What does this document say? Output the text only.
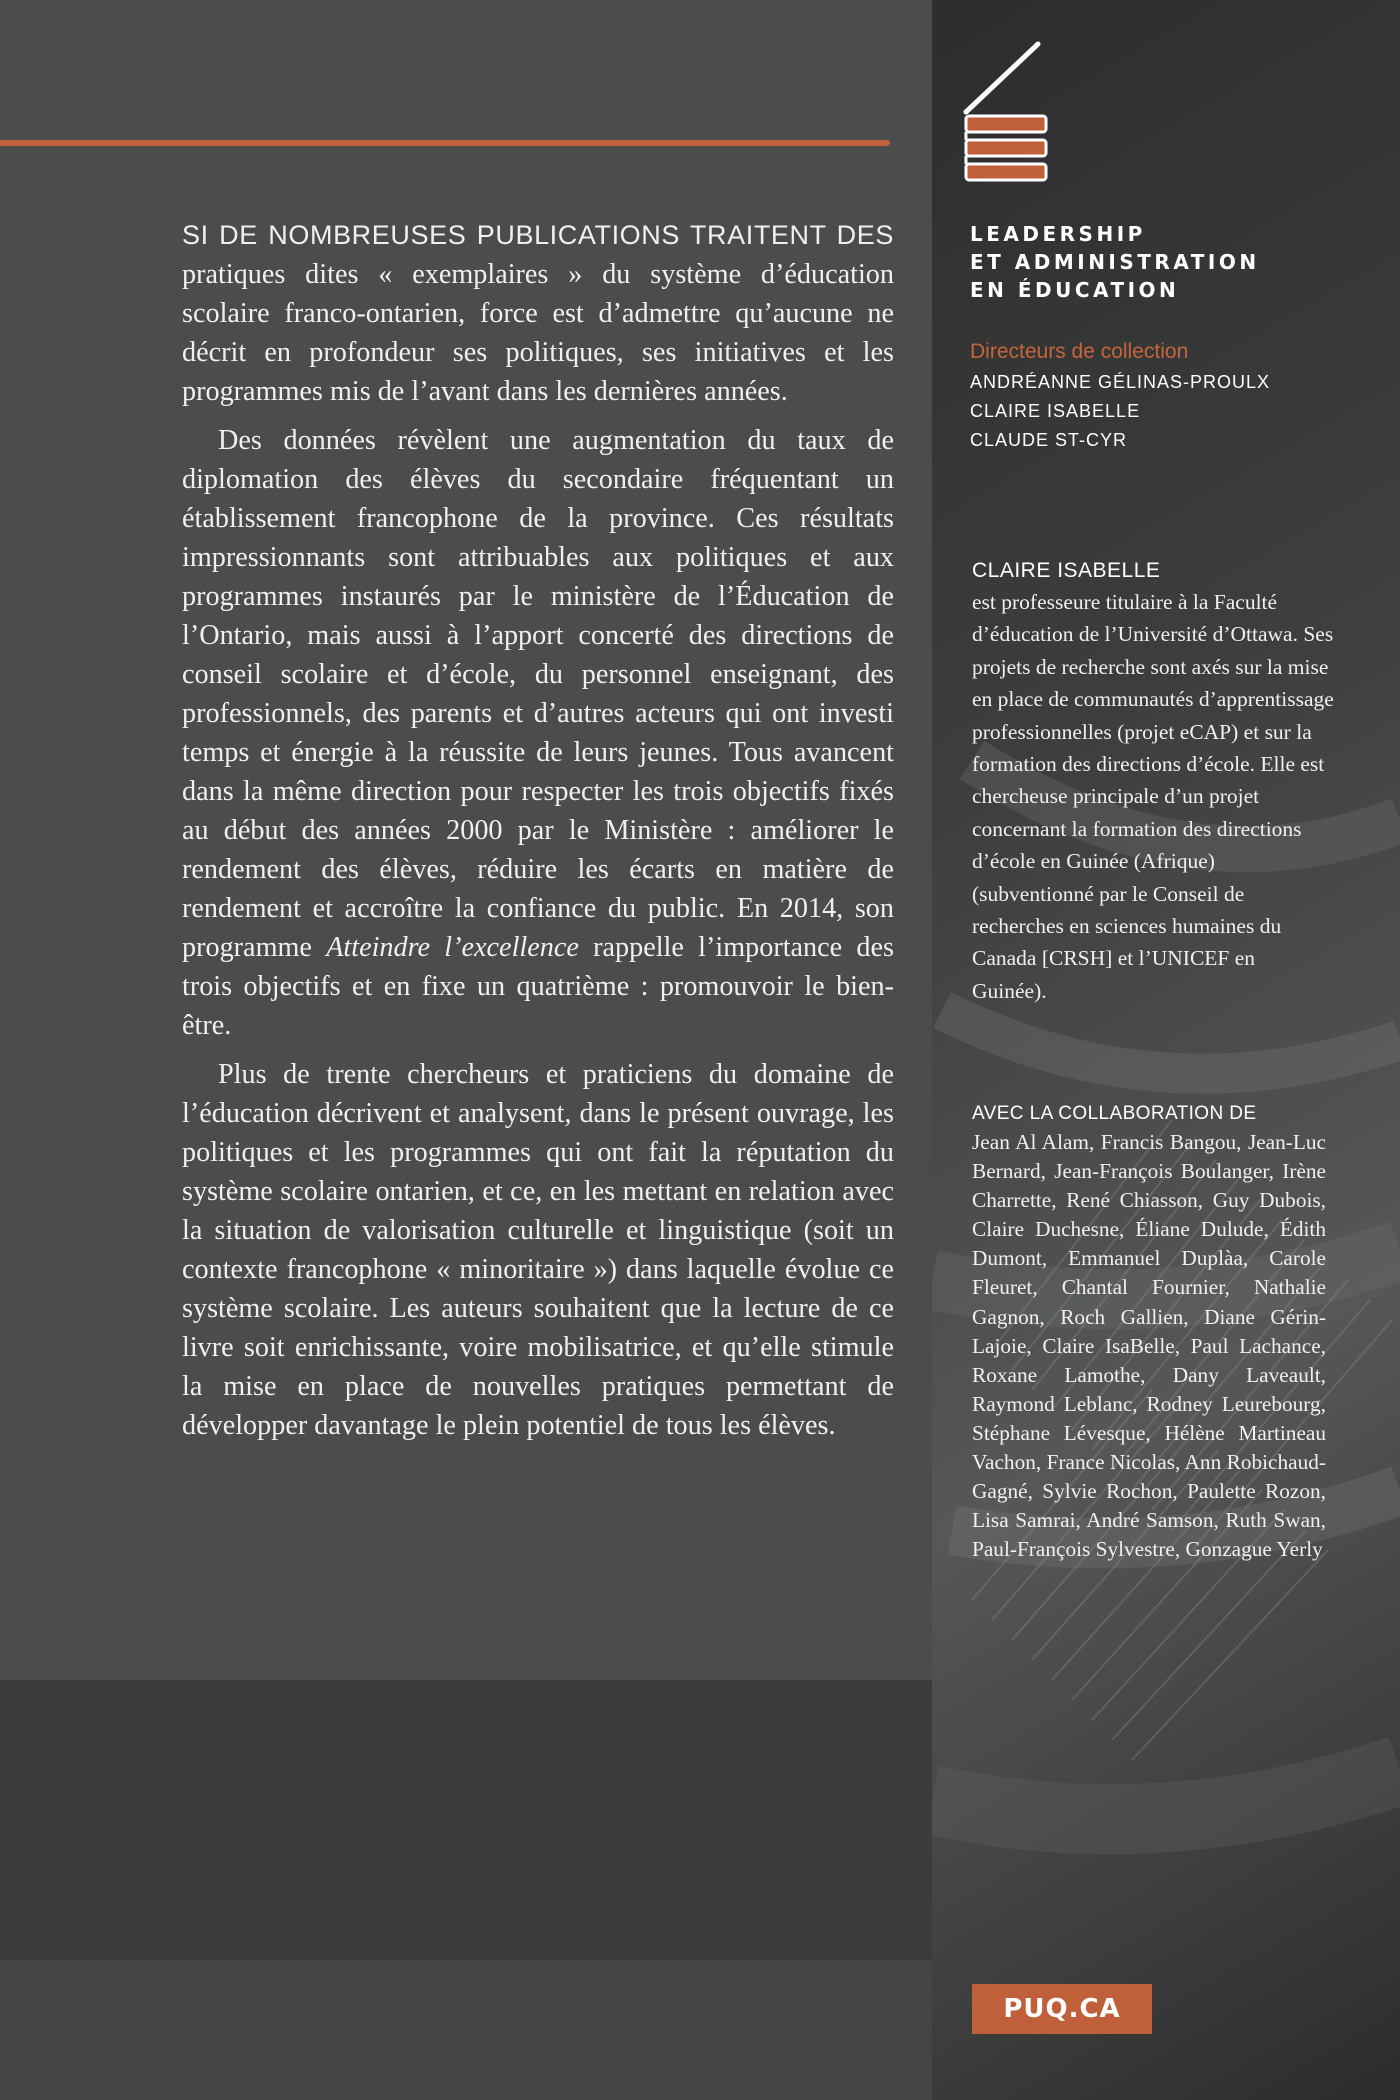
SI DE NOMBREUSES PUBLICATIONS TRAITENT DES pratiques dites « exemplaires » du système d’éducation scolaire franco-ontarien, force est d’admettre qu’aucune ne décrit en profondeur ses politiques, ses initiatives et les programmes mis de l’avant dans les dernières années.

Des données révèlent une augmentation du taux de diplomation des élèves du secondaire fréquentant un établissement francophone de la province. Ces résultats impressionnants sont attribuables aux politiques et aux programmes instaurés par le ministère de l’Éducation de l’Ontario, mais aussi à l’apport concerté des directions de conseil scolaire et d’école, du personnel enseignant, des professionnels, des parents et d’autres acteurs qui ont investi temps et énergie à la réussite de leurs jeunes. Tous avancent dans la même direction pour respecter les trois objectifs fixés au début des années 2000 par le Ministère : améliorer le rendement des élèves, réduire les écarts en matière de rendement et accroître la confiance du public. En 2014, son programme Atteindre l’excellence rappelle l’importance des trois objectifs et en fixe un quatrième : promouvoir le bien-être.

Plus de trente chercheurs et praticiens du domaine de l’éducation décrivent et analysent, dans le présent ouvrage, les politiques et les programmes qui ont fait la réputation du système scolaire ontarien, et ce, en les mettant en relation avec la situation de valorisation culturelle et linguistique (soit un contexte francophone « minoritaire ») dans laquelle évolue ce système scolaire. Les auteurs souhaitent que la lecture de ce livre soit enrichissante, voire mobilisatrice, et qu’elle stimule la mise en place de nouvelles pratiques permettant de développer davantage le plein potentiel de tous les élèves.

LEADERSHIP
ET ADMINISTRATION
EN ÉDUCATION
Directeurs de collection
ANDRÉANNE GÉLINAS-PROULX
CLAIRE ISABELLE
CLAUDE ST-CYR
CLAIRE ISABELLE
est professeure titulaire à la Faculté d’éducation de l’Université d’Ottawa. Ses projets de recherche sont axés sur la mise en place de communautés d’apprentissage professionnelles (projet eCAP) et sur la formation des directions d’école. Elle est chercheuse principale d’un projet concernant la formation des directions d’école en Guinée (Afrique) (subventionné par le Conseil de recherches en sciences humaines du Canada [CRSH] et l’UNICEF en Guinée).
AVEC LA COLLABORATION DE
Jean Al Alam, Francis Bangou, Jean-Luc Bernard, Jean-François Boulanger, Irène Charrette, René Chiasson, Guy Dubois, Claire Duchesne, Éliane Dulude, Édith Dumont, Emmanuel Duplàa, Carole Fleuret, Chantal Fournier, Nathalie Gagnon, Roch Gallien, Diane Gérin-Lajoie, Claire IsaBelle, Paul Lachance, Roxane Lamothe, Dany Laveault, Raymond Leblanc, Rodney Leurebourg, Stéphane Lévesque, Hélène Martineau Vachon, France Nicolas, Ann Robichaud-Gagné, Sylvie Rochon, Paulette Rozon, Lisa Samrai, André Samson, Ruth Swan, Paul-François Sylvestre, Gonzague Yerly
PUQ.CA
